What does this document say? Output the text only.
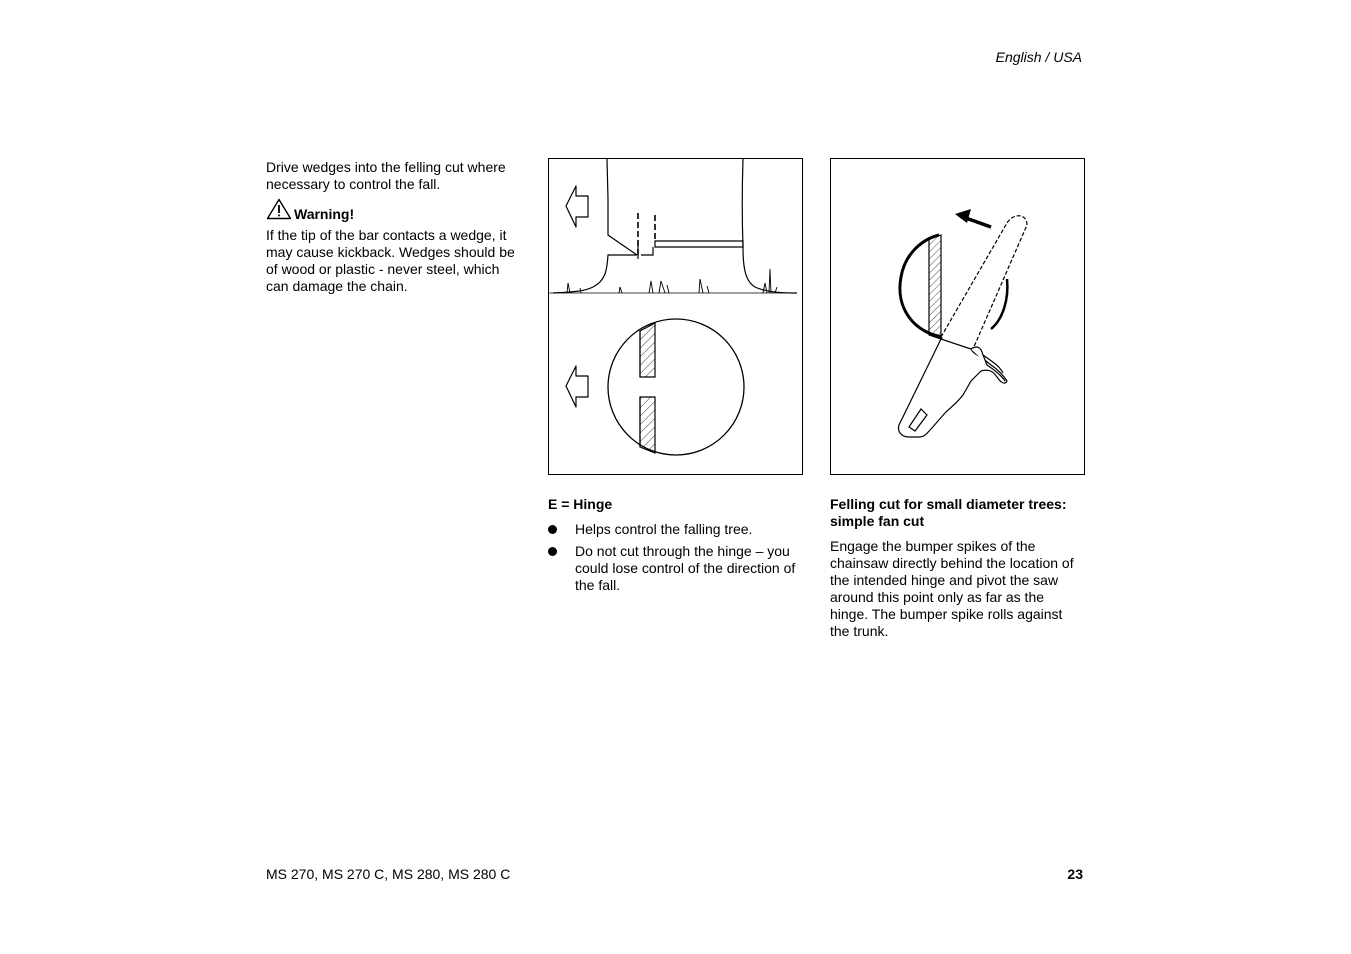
English / USA
Drive wedges into the felling cut where necessary to control the fall.
Warning!
If the tip of the bar contacts a wedge, it may cause kickback. Wedges should be of wood or plastic - never steel, which can damage the chain.
E = Hinge
Helps control the falling tree.
Do not cut through the hinge – you could lose control of the direction of the fall.
Felling cut for small diameter trees: simple fan cut
Engage the bumper spikes of the chainsaw directly behind the location of the intended hinge and pivot the saw around this point only as far as the hinge. The bumper spike rolls against the trunk.
MS 270, MS 270 C, MS 280, MS 280 C	23
